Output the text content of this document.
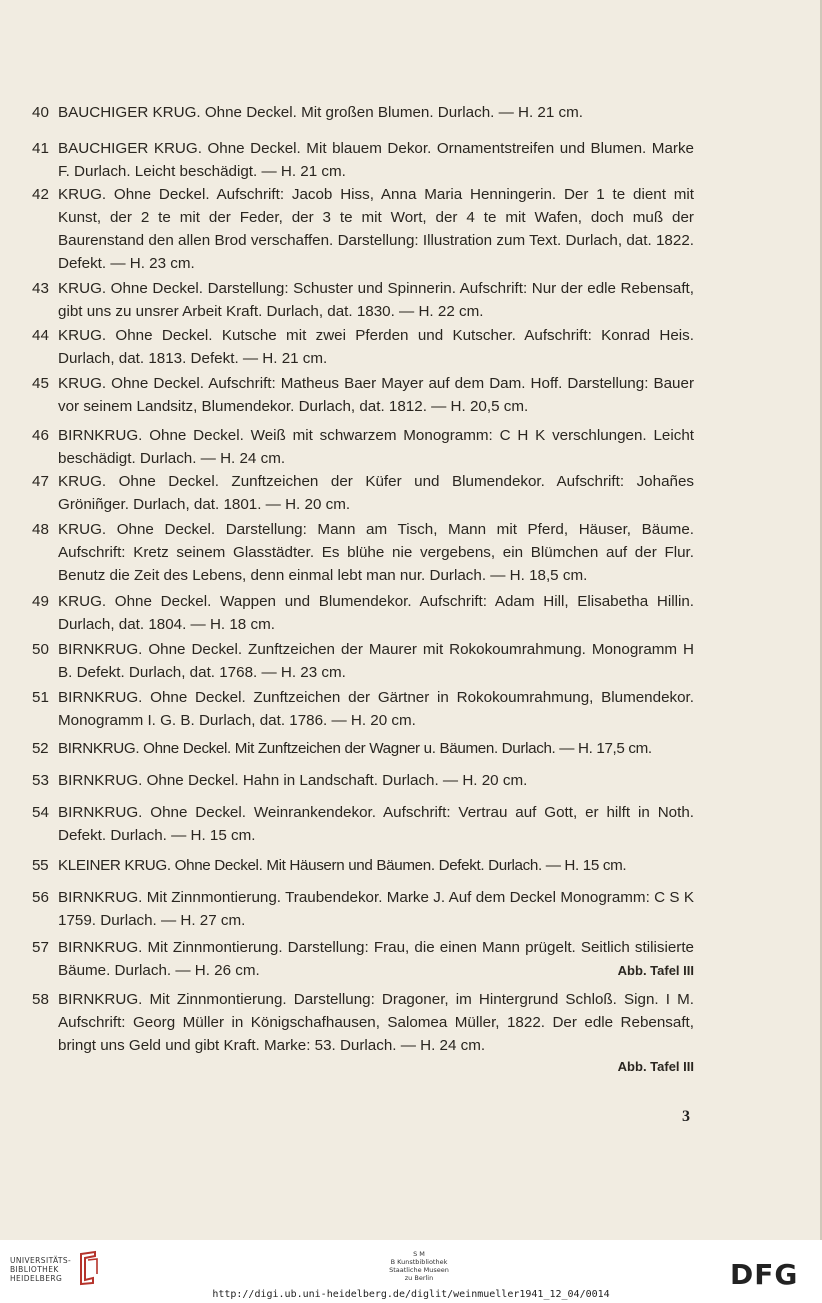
40 BAUCHIGER KRUG. Ohne Deckel. Mit großen Blumen. Durlach. — H. 21 cm.
41 BAUCHIGER KRUG. Ohne Deckel. Mit blauem Dekor. Ornamentstreifen und Blumen. Marke F. Durlach. Leicht beschädigt. — H. 21 cm.
42 KRUG. Ohne Deckel. Aufschrift: Jacob Hiss, Anna Maria Henningerin. Der 1 te dient mit Kunst, der 2 te mit der Feder, der 3 te mit Wort, der 4 te mit Wafen, doch muß der Baurenstand den allen Brod verschaffen. Darstellung: Illustration zum Text. Durlach, dat. 1822. Defekt. — H. 23 cm.
43 KRUG. Ohne Deckel. Darstellung: Schuster und Spinnerin. Aufschrift: Nur der edle Rebensaft, gibt uns zu unsrer Arbeit Kraft. Durlach, dat. 1830. — H. 22 cm.
44 KRUG. Ohne Deckel. Kutsche mit zwei Pferden und Kutscher. Aufschrift: Konrad Heis. Durlach, dat. 1813. Defekt. — H. 21 cm.
45 KRUG. Ohne Deckel. Aufschrift: Matheus Baer Mayer auf dem Dam. Hoff. Darstellung: Bauer vor seinem Landsitz, Blumendekor. Durlach, dat. 1812. — H. 20,5 cm.
46 BIRNKRUG. Ohne Deckel. Weiß mit schwarzem Monogramm: C H K verschlungen. Leicht beschädigt. Durlach. — H. 24 cm.
47 KRUG. Ohne Deckel. Zunftzeichen der Küfer und Blumendekor. Aufschrift: Johañes Gröniñger. Durlach, dat. 1801. — H. 20 cm.
48 KRUG. Ohne Deckel. Darstellung: Mann am Tisch, Mann mit Pferd, Häuser, Bäume. Aufschrift: Kretz seinem Glasstädter. Es blühe nie vergebens, ein Blümchen auf der Flur. Benutz die Zeit des Lebens, denn einmal lebt man nur. Durlach. — H. 18,5 cm.
49 KRUG. Ohne Deckel. Wappen und Blumendekor. Aufschrift: Adam Hill, Elisabetha Hillin. Durlach, dat. 1804. — H. 18 cm.
50 BIRNKRUG. Ohne Deckel. Zunftzeichen der Maurer mit Rokokoumrahmung. Monogramm H B. Defekt. Durlach, dat. 1768. — H. 23 cm.
51 BIRNKRUG. Ohne Deckel. Zunftzeichen der Gärtner in Rokokoumrahmung, Blumendekor. Monogramm I. G. B. Durlach, dat. 1786. — H. 20 cm.
52 BIRNKRUG. Ohne Deckel. Mit Zunftzeichen der Wagner u. Bäumen. Durlach. — H. 17,5 cm.
53 BIRNKRUG. Ohne Deckel. Hahn in Landschaft. Durlach. — H. 20 cm.
54 BIRNKRUG. Ohne Deckel. Weinrankendekor. Aufschrift: Vertrau auf Gott, er hilft in Noth. Defekt. Durlach. — H. 15 cm.
55 KLEINER KRUG. Ohne Deckel. Mit Häusern und Bäumen. Defekt. Durlach. — H. 15 cm.
56 BIRNKRUG. Mit Zinnmontierung. Traubendekor. Marke J. Auf dem Deckel Monogramm: C S K 1759. Durlach. — H. 27 cm.
57 BIRNKRUG. Mit Zinnmontierung. Darstellung: Frau, die einen Mann prügelt. Seitlich stilisierte Bäume. Durlach. — H. 26 cm.	Abb. Tafel III
58 BIRNKRUG. Mit Zinnmontierung. Darstellung: Dragoner, im Hintergrund Schloß. Sign. I M. Aufschrift: Georg Müller in Königschafhausen, Salomea Müller, 1822. Der edle Rebensaft, bringt uns Geld und gibt Kraft. Marke: 53. Durlach. — H. 24 cm.
Abb. Tafel III
3
UNIVERSITÄTS-
BIBLIOTHEK
HEIDELBERG
S M
B Kunstbibliothek
Staatliche Museen
zu Berlin	DFG
http://digi.ub.uni-heidelberg.de/diglit/weinmueller1941_12_04/0014
